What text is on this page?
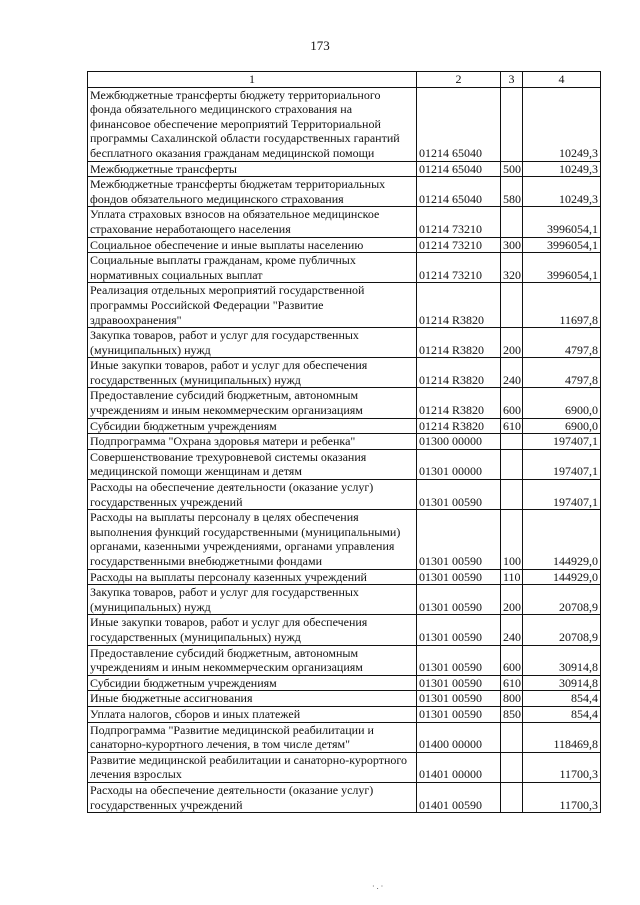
173
1	2	3	4
Межбюджетные трансферты бюджету территориального фонда обязательного медицинского страхования на финансовое обеспечение мероприятий Территориальной программы Сахалинской области государственных гарантий бесплатного оказания гражданам медицинской помощи	01214 65040		10249,3
Межбюджетные трансферты	01214 65040	500	10249,3
Межбюджетные трансферты бюджетам территориальных фондов обязательного медицинского страхования	01214 65040	580	10249,3
Уплата страховых взносов на обязательное медицинское страхование неработающего населения	01214 73210		3996054,1
Социальное обеспечение и иные выплаты населению	01214 73210	300	3996054,1
Социальные выплаты гражданам, кроме публичных нормативных социальных выплат	01214 73210	320	3996054,1
Реализация отдельных мероприятий государственной программы Российской Федерации "Развитие здравоохранения"	01214 R3820		11697,8
Закупка товаров, работ и услуг для государственных (муниципальных) нужд	01214 R3820	200	4797,8
Иные закупки товаров, работ и услуг для обеспечения государственных (муниципальных) нужд	01214 R3820	240	4797,8
Предоставление субсидий бюджетным, автономным учреждениям и иным некоммерческим организациям	01214 R3820	600	6900,0
Субсидии бюджетным учреждениям	01214 R3820	610	6900,0
Подпрограмма "Охрана здоровья матери и ребенка"	01300 00000		197407,1
Совершенствование трехуровневой системы оказания медицинской помощи женщинам и детям	01301 00000		197407,1
Расходы на обеспечение деятельности (оказание услуг) государственных учреждений	01301 00590		197407,1
Расходы на выплаты персоналу в целях обеспечения выполнения функций государственными (муниципальными) органами, казенными учреждениями, органами управления государственными внебюджетными фондами	01301 00590	100	144929,0
Расходы на выплаты персоналу казенных учреждений	01301 00590	110	144929,0
Закупка товаров, работ и услуг для государственных (муниципальных) нужд	01301 00590	200	20708,9
Иные закупки товаров, работ и услуг для обеспечения государственных (муниципальных) нужд	01301 00590	240	20708,9
Предоставление субсидий бюджетным, автономным учреждениям и иным некоммерческим организациям	01301 00590	600	30914,8
Субсидии бюджетным учреждениям	01301 00590	610	30914,8
Иные бюджетные ассигнования	01301 00590	800	854,4
Уплата налогов, сборов и иных платежей	01301 00590	850	854,4
Подпрограмма "Развитие медицинской реабилитации и санаторно-курортного лечения, в том числе детям"	01400 00000		118469,8
Развитие медицинской реабилитации и санаторно-курортного лечения взрослых	01401 00000		11700,3
Расходы на обеспечение деятельности (оказание услуг) государственных учреждений	01401 00590		11700,3
·.·
